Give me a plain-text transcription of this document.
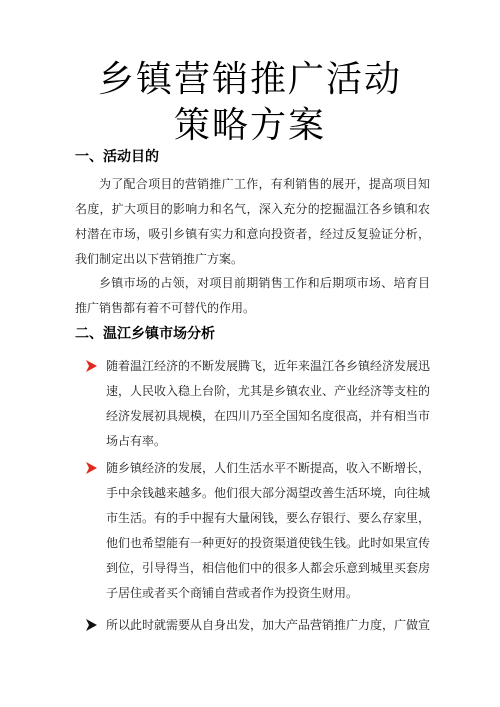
乡镇营销推广活动
策略方案
一、活动目的

为了配合项目的营销推广工作，有利销售的展开，提高项目知名度，扩大项目的影响力和名气，深入充分的挖掘温江各乡镇和农村潜在市场，吸引乡镇有实力和意向投资者，经过反复验证分析，我们制定出以下营销推广方案。

乡镇市场的占领，对项目前期销售工作和后期项市场、培育目推广销售都有着不可替代的作用。

二、温江乡镇市场分析

随着温江经济的不断发展腾飞，近年来温江各乡镇经济发展迅速，人民收入稳上台阶，尤其是乡镇农业、产业经济等支柱的经济发展初具规模，在四川乃至全国知名度很高，并有相当市场占有率。

随乡镇经济的发展，人们生活水平不断提高，收入不断增长，手中余钱越来越多。他们很大部分渴望改善生活环境，向往城市生活。有的手中握有大量闲钱，要么存银行、要么存家里，他们也希望能有一种更好的投资渠道使钱生钱。此时如果宣传到位，引导得当，相信他们中的很多人都会乐意到城里买套房子居住或者买个商铺自营或者作为投资生财用。

所以此时就需要从自身出发，加大产品营销推广力度，广做宣
